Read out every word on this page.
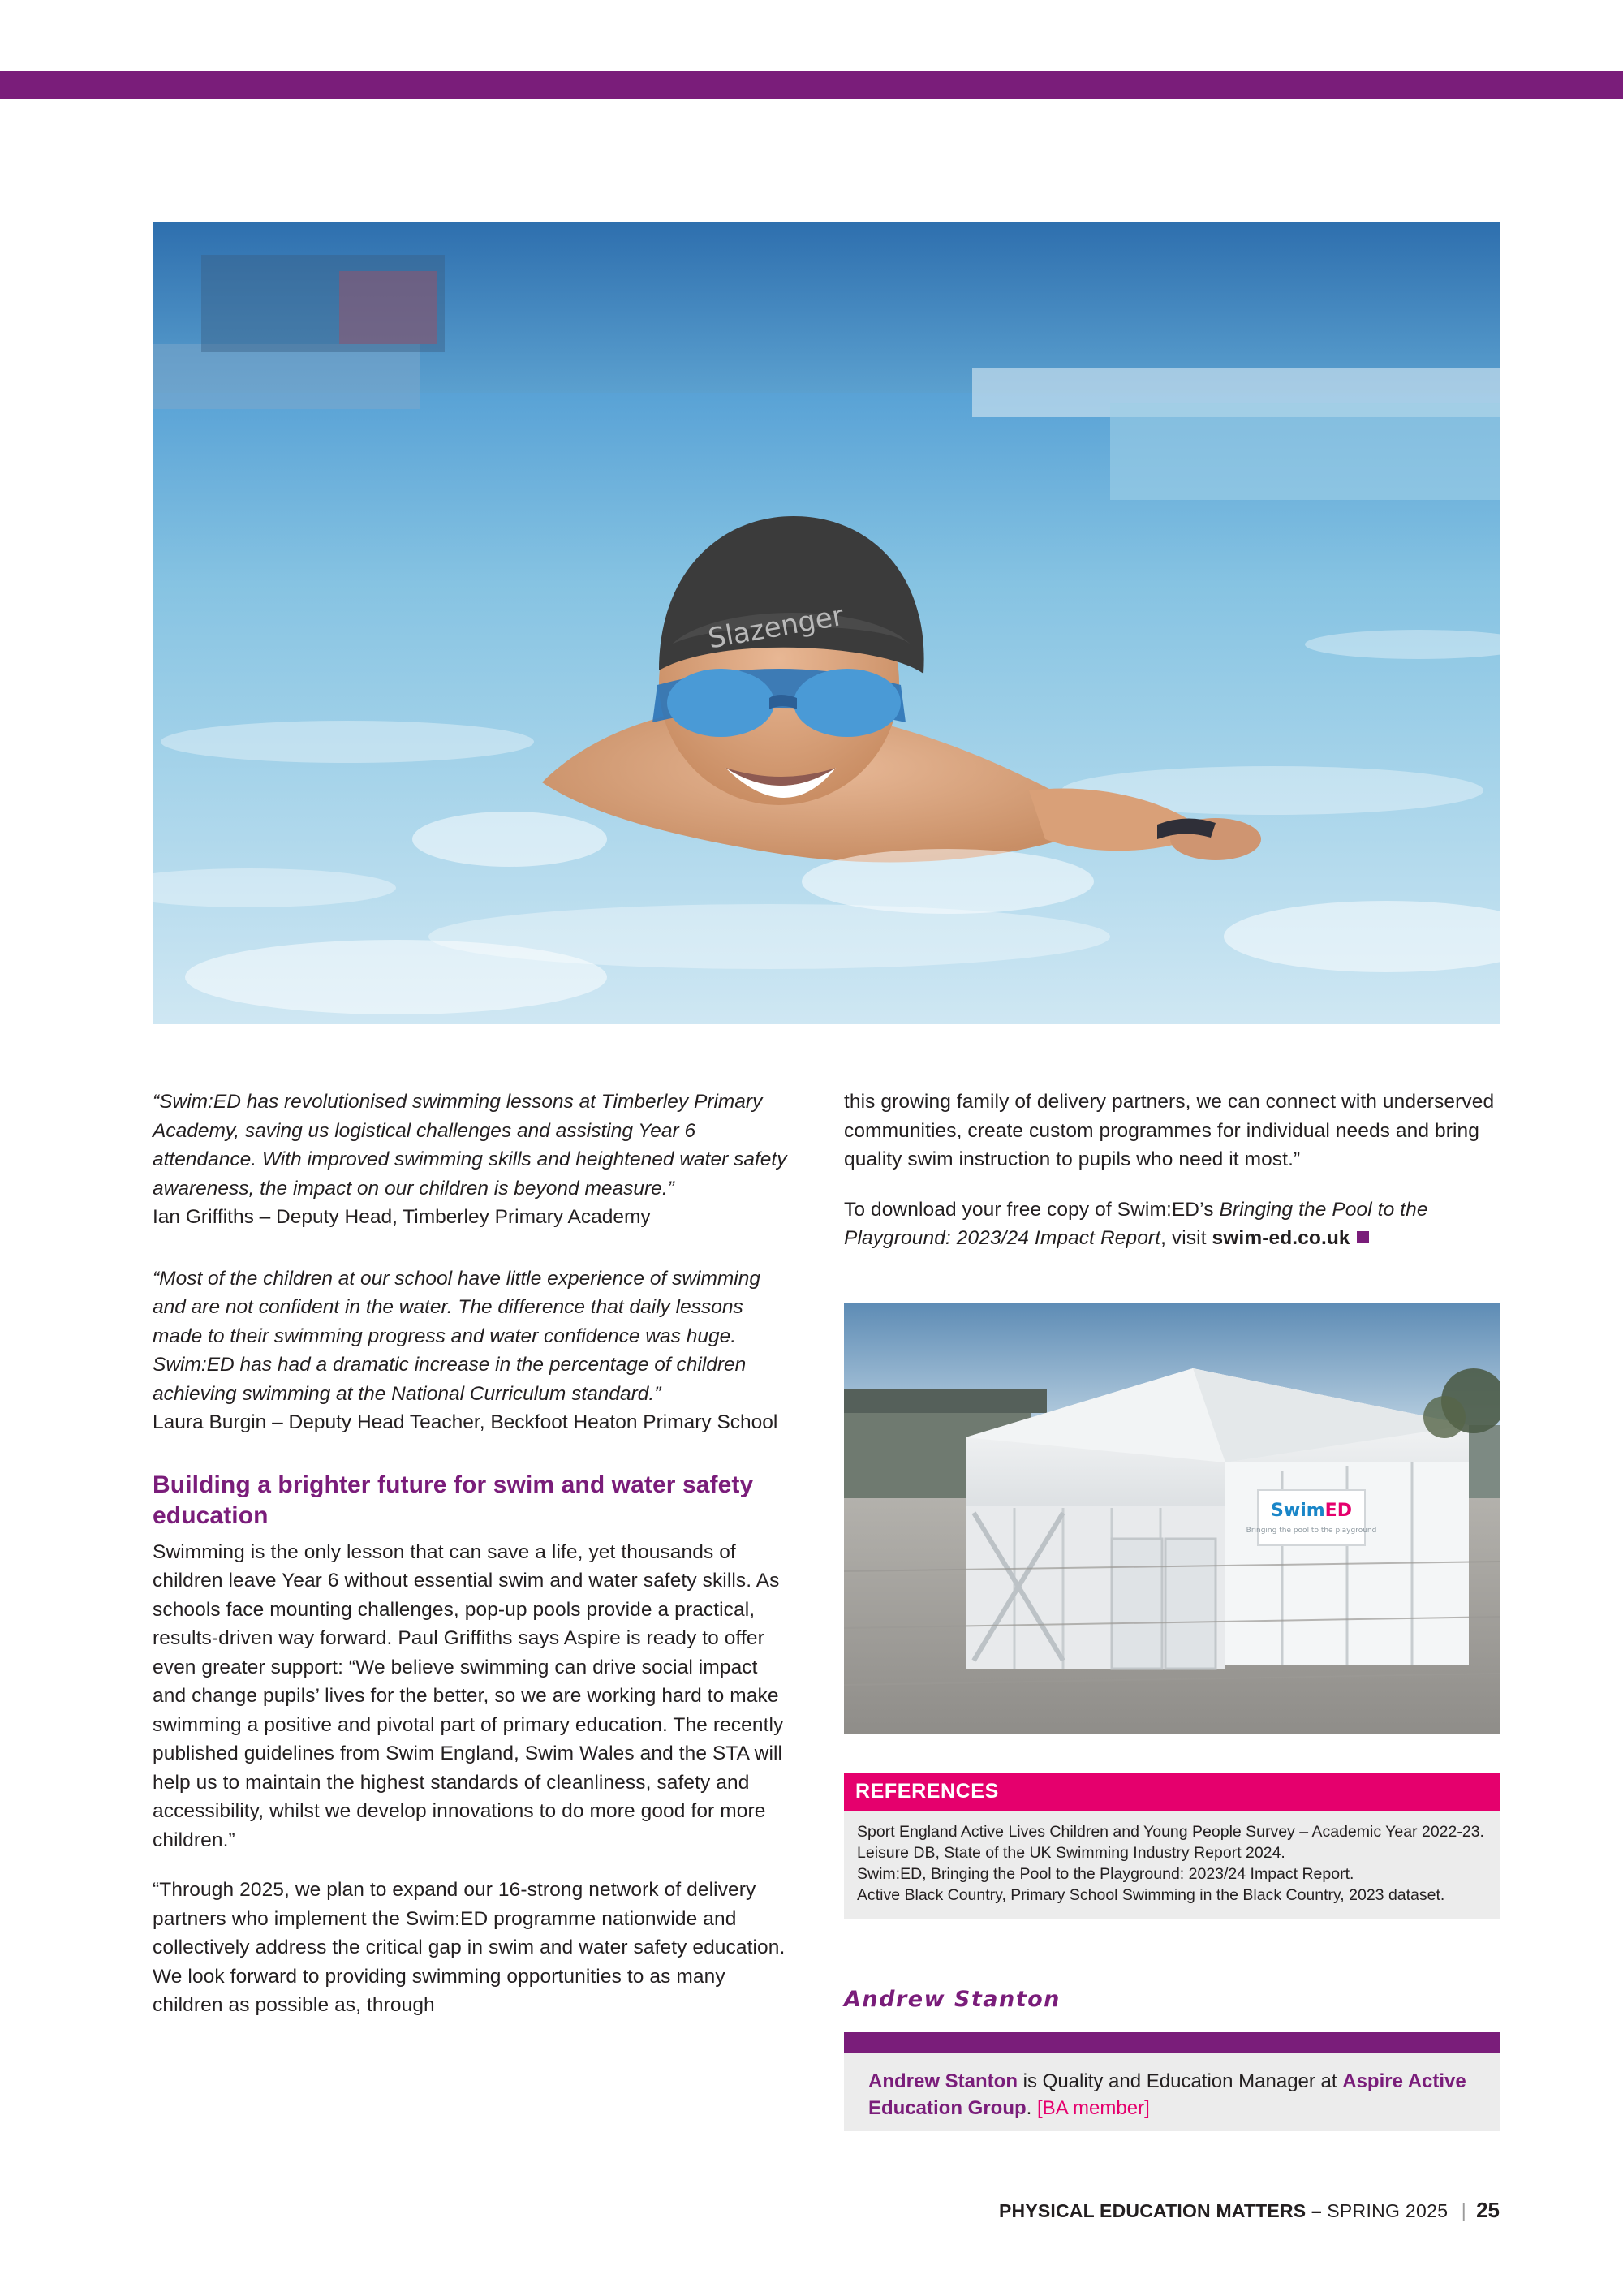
Slazenger

“Swim:ED has revolutionised swimming lessons at Timberley Primary Academy, saving us logistical challenges and assisting Year 6 attendance. With improved swimming skills and heightened water safety awareness, the impact on our children is beyond measure.”

Ian Griffiths – Deputy Head, Timberley Primary Academy

“Most of the children at our school have little experience of swimming and are not confident in the water. The difference that daily lessons made to their swimming progress and water confidence was huge. Swim:ED has had a dramatic increase in the percentage of children achieving swimming at the National Curriculum standard.”

Laura Burgin – Deputy Head Teacher, Beckfoot Heaton Primary School

Building a brighter future for swim and water safety education

Swimming is the only lesson that can save a life, yet thousands of children leave Year 6 without essential swim and water safety skills. As schools face mounting challenges, pop-up pools provide a practical, results-driven way forward. Paul Griffiths says Aspire is ready to offer even greater support: “We believe swimming can drive social impact and change pupils’ lives for the better, so we are working hard to make swimming a positive and pivotal part of primary education. The recently published guidelines from Swim England, Swim Wales and the STA will help us to maintain the highest standards of cleanliness, safety and accessibility, whilst we develop innovations to do more good for more children.”

“Through 2025, we plan to expand our 16-strong network of delivery partners who implement the Swim:ED programme nationwide and collectively address the critical gap in swim and water safety education. We look forward to providing swimming opportunities to as many children as possible as, through

this growing family of delivery partners, we can connect with underserved communities, create custom programmes for individual needs and bring quality swim instruction to pupils who need it most.”

To download your free copy of Swim:ED’s Bringing the Pool to the Playground: 2023/24 Impact Report, visit swim-ed.co.uk

SwimED
Bringing the pool to the playground
REFERENCES

Sport England Active Lives Children and Young People Survey – Academic Year 2022-23.

Leisure DB, State of the UK Swimming Industry Report 2024.

Swim:ED, Bringing the Pool to the Playground: 2023/24 Impact Report.

Active Black Country, Primary School Swimming in the Black Country, 2023 dataset.

Andrew Stanton

Andrew Stanton is Quality and Education Manager at Aspire Active Education Group. [BA member]

PHYSICAL EDUCATION MATTERS – SPRING 2025 | 25
